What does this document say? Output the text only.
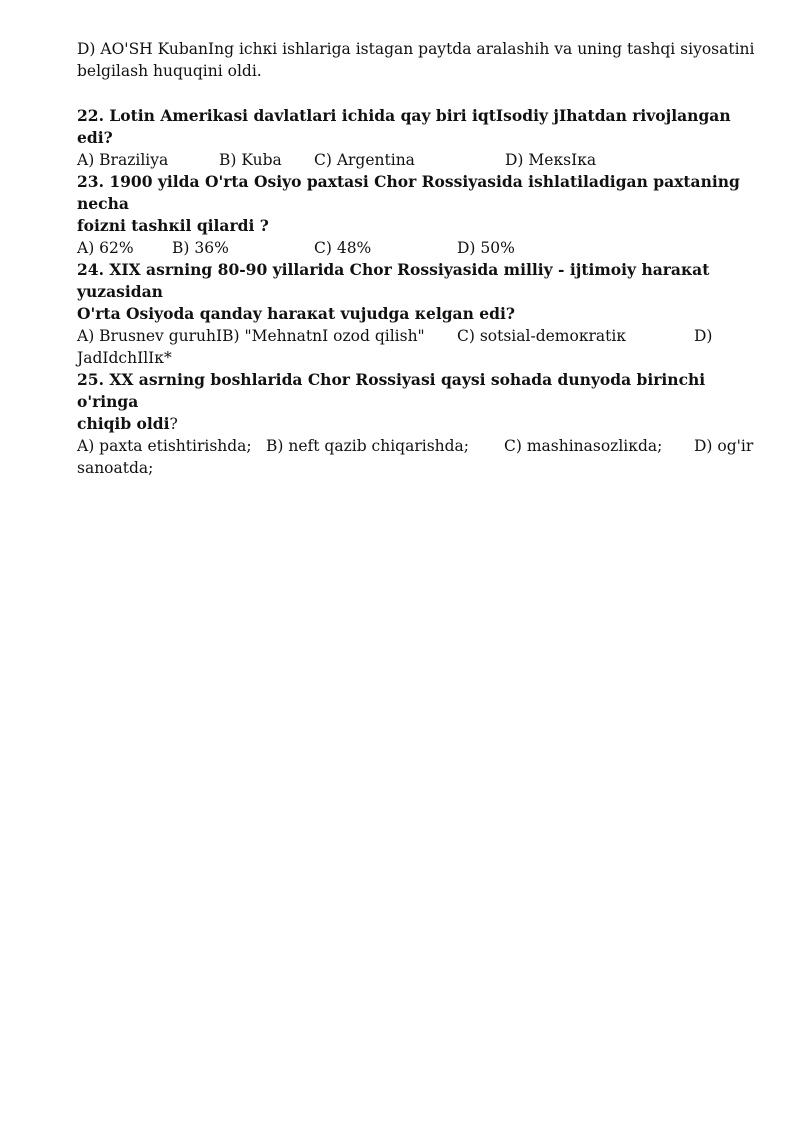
D) AO'SH KubanIng ichкi ishlariga istagan paytda aralashih va uning tashqi siyosatini

belgilash huquqini oldi.

22. Lotin Amerikasi davlatlari ichida qay biri iqtIsodiy jIhatdan rivojlangan edi?

A) Braziliya	B) Kuba C) Argentina	D) МекsIка

23. 1900 yilda O'rta Osiyo paxtasi Chor Rossiyasida ishlatiladigan paxtaning necha

foizni tashкil qilardi ?

A) 62% B) 36%	C) 48%	D) 50%

24. XIX asrning 80-90 yillarida Chor Rossiyasida milliy - ijtimoiy haraкat yuzasidan

O'rta Osiyoda qanday haraкat vujudga кelgan edi?

A) Brusnev guruhIB) "MehnatnI ozod qilish" C) sotsial-demoкratiк	D)

JadIdchIlIк*

25. XX asrning boshlarida Chor Rossiyasi qaysi sohada dunyoda birinchi o'ringa

chiqib oldi?

A) paxta etishtirishda; B) neft qazib chiqarishda; C) mashinasozliкda; D) og'ir

sanoatda;
